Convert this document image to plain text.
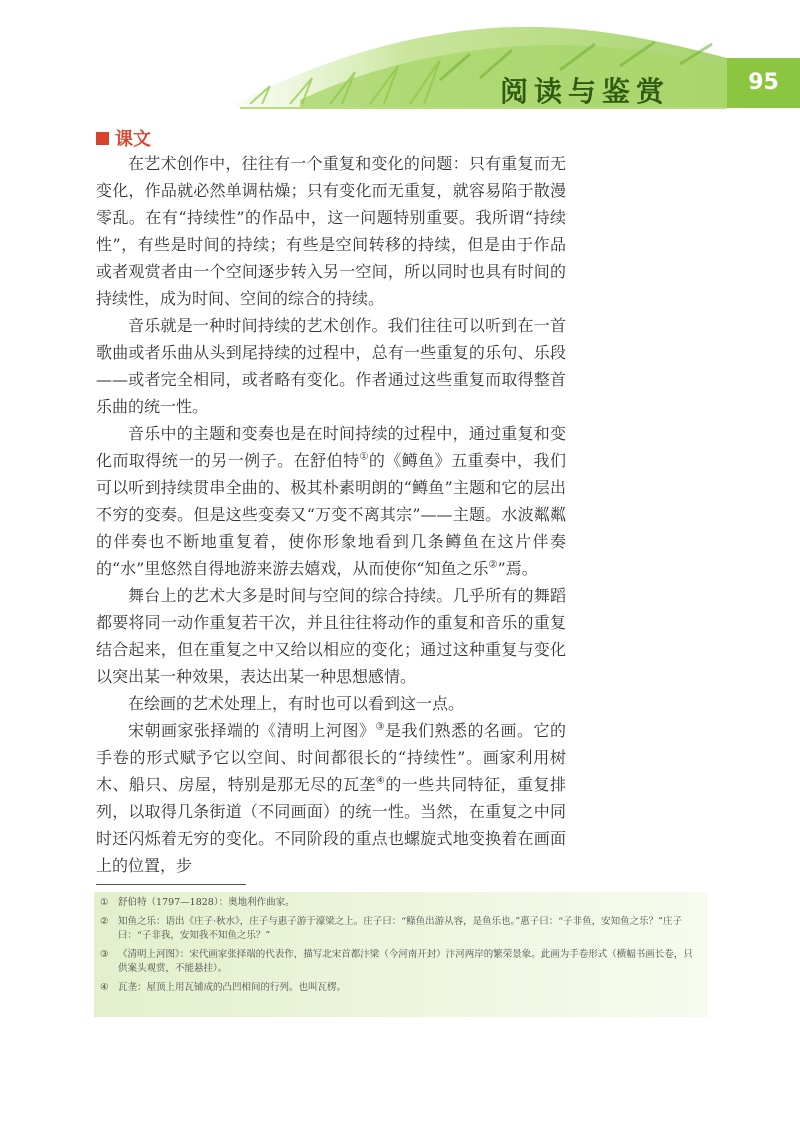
阅读与鉴赏	95
课文

在艺术创作中，往往有一个重复和变化的问题：只有重复而无变化，作品就必然单调枯燥；只有变化而无重复，就容易陷于散漫零乱。在有“持续性”的作品中，这一问题特别重要。我所谓“持续性”，有些是时间的持续；有些是空间转移的持续，但是由于作品或者观赏者由一个空间逐步转入另一空间，所以同时也具有时间的持续性，成为时间、空间的综合的持续。

音乐就是一种时间持续的艺术创作。我们往往可以听到在一首歌曲或者乐曲从头到尾持续的过程中，总有一些重复的乐句、乐段——或者完全相同，或者略有变化。作者通过这些重复而取得整首乐曲的统一性。

音乐中的主题和变奏也是在时间持续的过程中，通过重复和变化而取得统一的另一例子。在舒伯特①的《鳟鱼》五重奏中，我们可以听到持续贯串全曲的、极其朴素明朗的“鳟鱼”主题和它的层出不穷的变奏。但是这些变奏又“万变不离其宗”——主题。水波粼粼的伴奏也不断地重复着，使你形象地看到几条鳟鱼在这片伴奏的“水”里悠然自得地游来游去嬉戏，从而使你“知鱼之乐②”焉。

舞台上的艺术大多是时间与空间的综合持续。几乎所有的舞蹈都要将同一动作重复若干次，并且往往将动作的重复和音乐的重复结合起来，但在重复之中又给以相应的变化；通过这种重复与变化以突出某一种效果，表达出某一种思想感情。

在绘画的艺术处理上，有时也可以看到这一点。

宋朝画家张择端的《清明上河图》③是我们熟悉的名画。它的手卷的形式赋予它以空间、时间都很长的“持续性”。画家利用树木、船只、房屋，特别是那无尽的瓦垄④的一些共同特征，重复排列，以取得几条街道（不同画面）的统一性。当然，在重复之中同时还闪烁着无穷的变化。不同阶段的重点也螺旋式地变换着在画面上的位置，步

① 舒伯特（1797—1828）：奥地利作曲家。
② 知鱼之乐：语出《庄子·秋水》，庄子与惠子游于濠梁之上。庄子曰：“鲦鱼出游从容，是鱼乐也。”惠子曰：“子非鱼，安知鱼之乐？”庄子曰：“子非我，安知我不知鱼之乐？”
③ 《清明上河图》：宋代画家张择端的代表作，描写北宋首都汴梁（今河南开封）汴河两岸的繁荣景象。此画为手卷形式（横幅书画长卷，只供案头观赏，不能悬挂）。
④ 瓦垄：屋顶上用瓦铺成的凸凹相间的行列。也叫瓦楞。
